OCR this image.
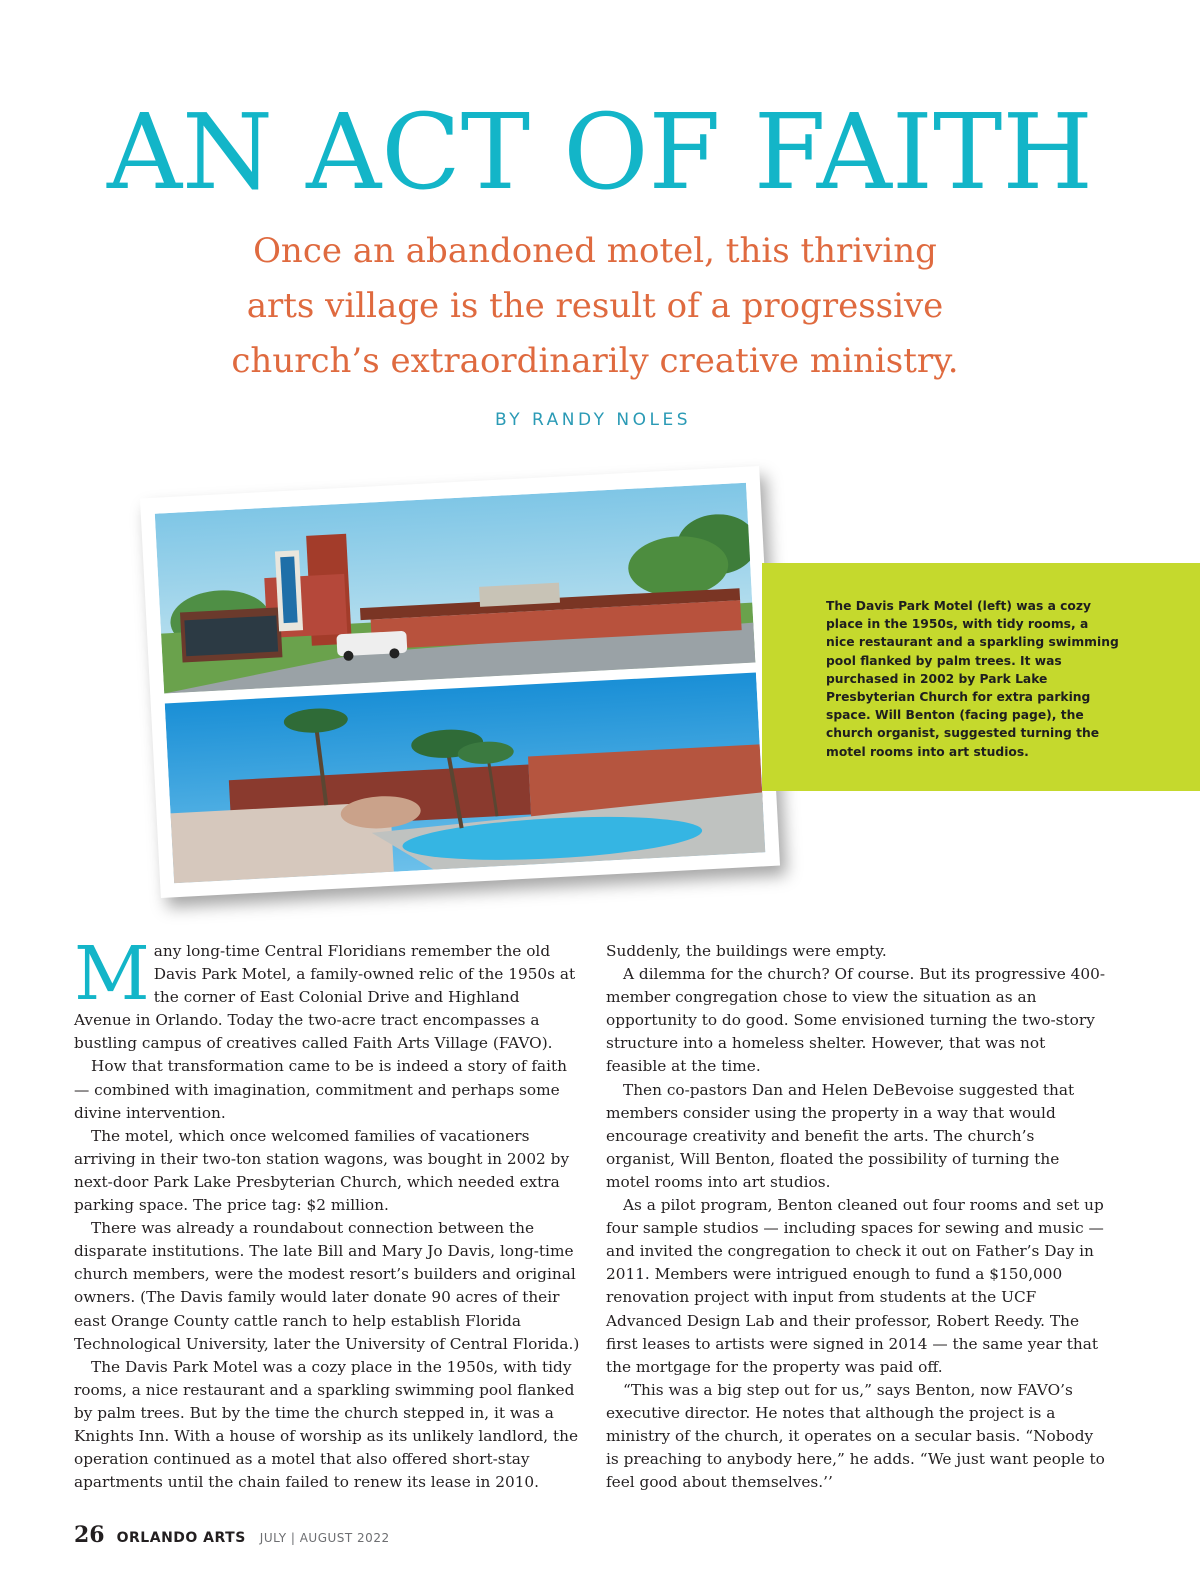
AN ACT OF FAITH
Once an abandoned motel, this thriving
arts village is the result of a progressive
church’s extraordinarily creative ministry.
BY RANDY NOLES

The Davis Park Motel (left) was a cozy place in the 1950s, with tidy rooms, a nice restaurant and a sparkling swimming pool flanked by palm trees. It was purchased in 2002 by Park Lake Presbyterian Church for extra parking space. Will Benton (facing page), the church organist, suggested turning the motel rooms into art studios.

Many long-time Central Floridians remember the old Davis Park Motel, a family-owned relic of the 1950s at the corner of East Colonial Drive and Highland Avenue in Orlando. Today the two-acre tract encompasses a bustling campus of creatives called Faith Arts Village (FAVO).

How that transformation came to be is indeed a story of faith — combined with imagination, commitment and perhaps some divine intervention.

The motel, which once welcomed families of vacationers arriving in their two-ton station wagons, was bought in 2002 by next-door Park Lake Presbyterian Church, which needed extra parking space. The price tag: $2 million.

There was already a roundabout connection between the disparate institutions. The late Bill and Mary Jo Davis, long-time church members, were the modest resort’s builders and original owners. (The Davis family would later donate 90 acres of their east Orange County cattle ranch to help establish Florida Technological University, later the University of Central Florida.)

The Davis Park Motel was a cozy place in the 1950s, with tidy rooms, a nice restaurant and a sparkling swimming pool flanked by palm trees. But by the time the church stepped in, it was a Knights Inn. With a house of worship as its unlikely landlord, the operation continued as a motel that also offered short-stay apartments until the chain failed to renew its lease in 2010.

Suddenly, the buildings were empty.

A dilemma for the church? Of course. But its progressive 400-member congregation chose to view the situation as an opportunity to do good. Some envisioned turning the two-story structure into a homeless shelter. However, that was not feasible at the time.

Then co-pastors Dan and Helen DeBevoise suggested that members consider using the property in a way that would encourage creativity and benefit the arts. The church’s organist, Will Benton, floated the possibility of turning the motel rooms into art studios.

As a pilot program, Benton cleaned out four rooms and set up four sample studios — including spaces for sewing and music — and invited the congregation to check it out on Father’s Day in 2011. Members were intrigued enough to fund a $150,000 renovation project with input from students at the UCF Advanced Design Lab and their professor, Robert Reedy. The first leases to artists were signed in 2014 — the same year that the mortgage for the property was paid off.

“This was a big step out for us,” says Benton, now FAVO’s executive director. He notes that although the project is a ministry of the church, it operates on a secular basis. “Nobody is preaching to anybody here,” he adds. “We just want people to feel good about themselves.’’

26 ORLANDO ARTS JULY | AUGUST 2022
